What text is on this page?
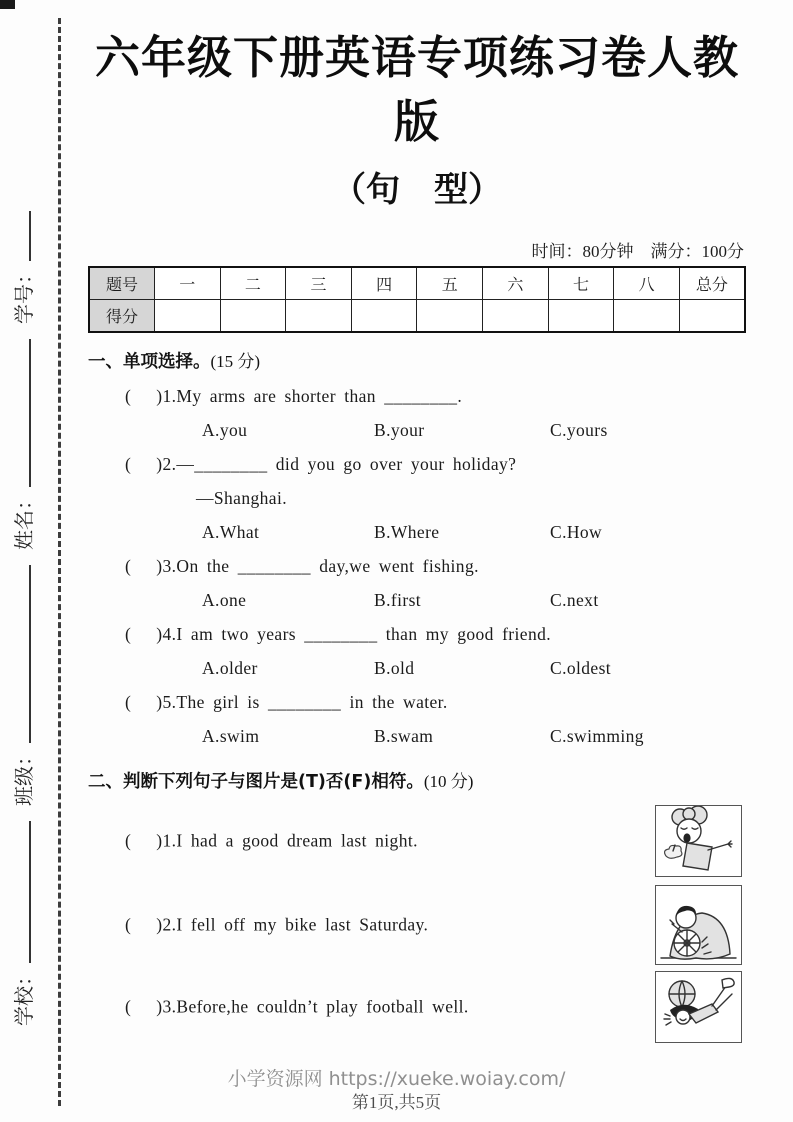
学校：班级：姓名：学号：
六年级下册英语专项练习卷人教版
（句　型）
时间：80分钟　满分：100分
题号	一	二	三	四	五	六	七	八	总分
得分									
一、单项选择。(15 分)
( )1.My arms are shorter than ________.
A.you	B.your	C.yours
( )2.—________ did you go over your holiday?
—Shanghai.
A.What	B.Where	C.How
( )3.On the ________ day,we went fishing.
A.one	B.first	C.next
( )4.I am two years ________ than my good friend.
A.older	B.old	C.oldest
( )5.The girl is ________ in the water.
A.swim	B.swam	C.swimming
二、判断下列句子与图片是(T)否(F)相符。(10 分)
( )1.I had a good dream last night.
( )2.I fell off my bike last Saturday.
( )3.Before,he couldn’t play football well.
小学资源网 https://xueke.woiay.com/
第1页,共5页
